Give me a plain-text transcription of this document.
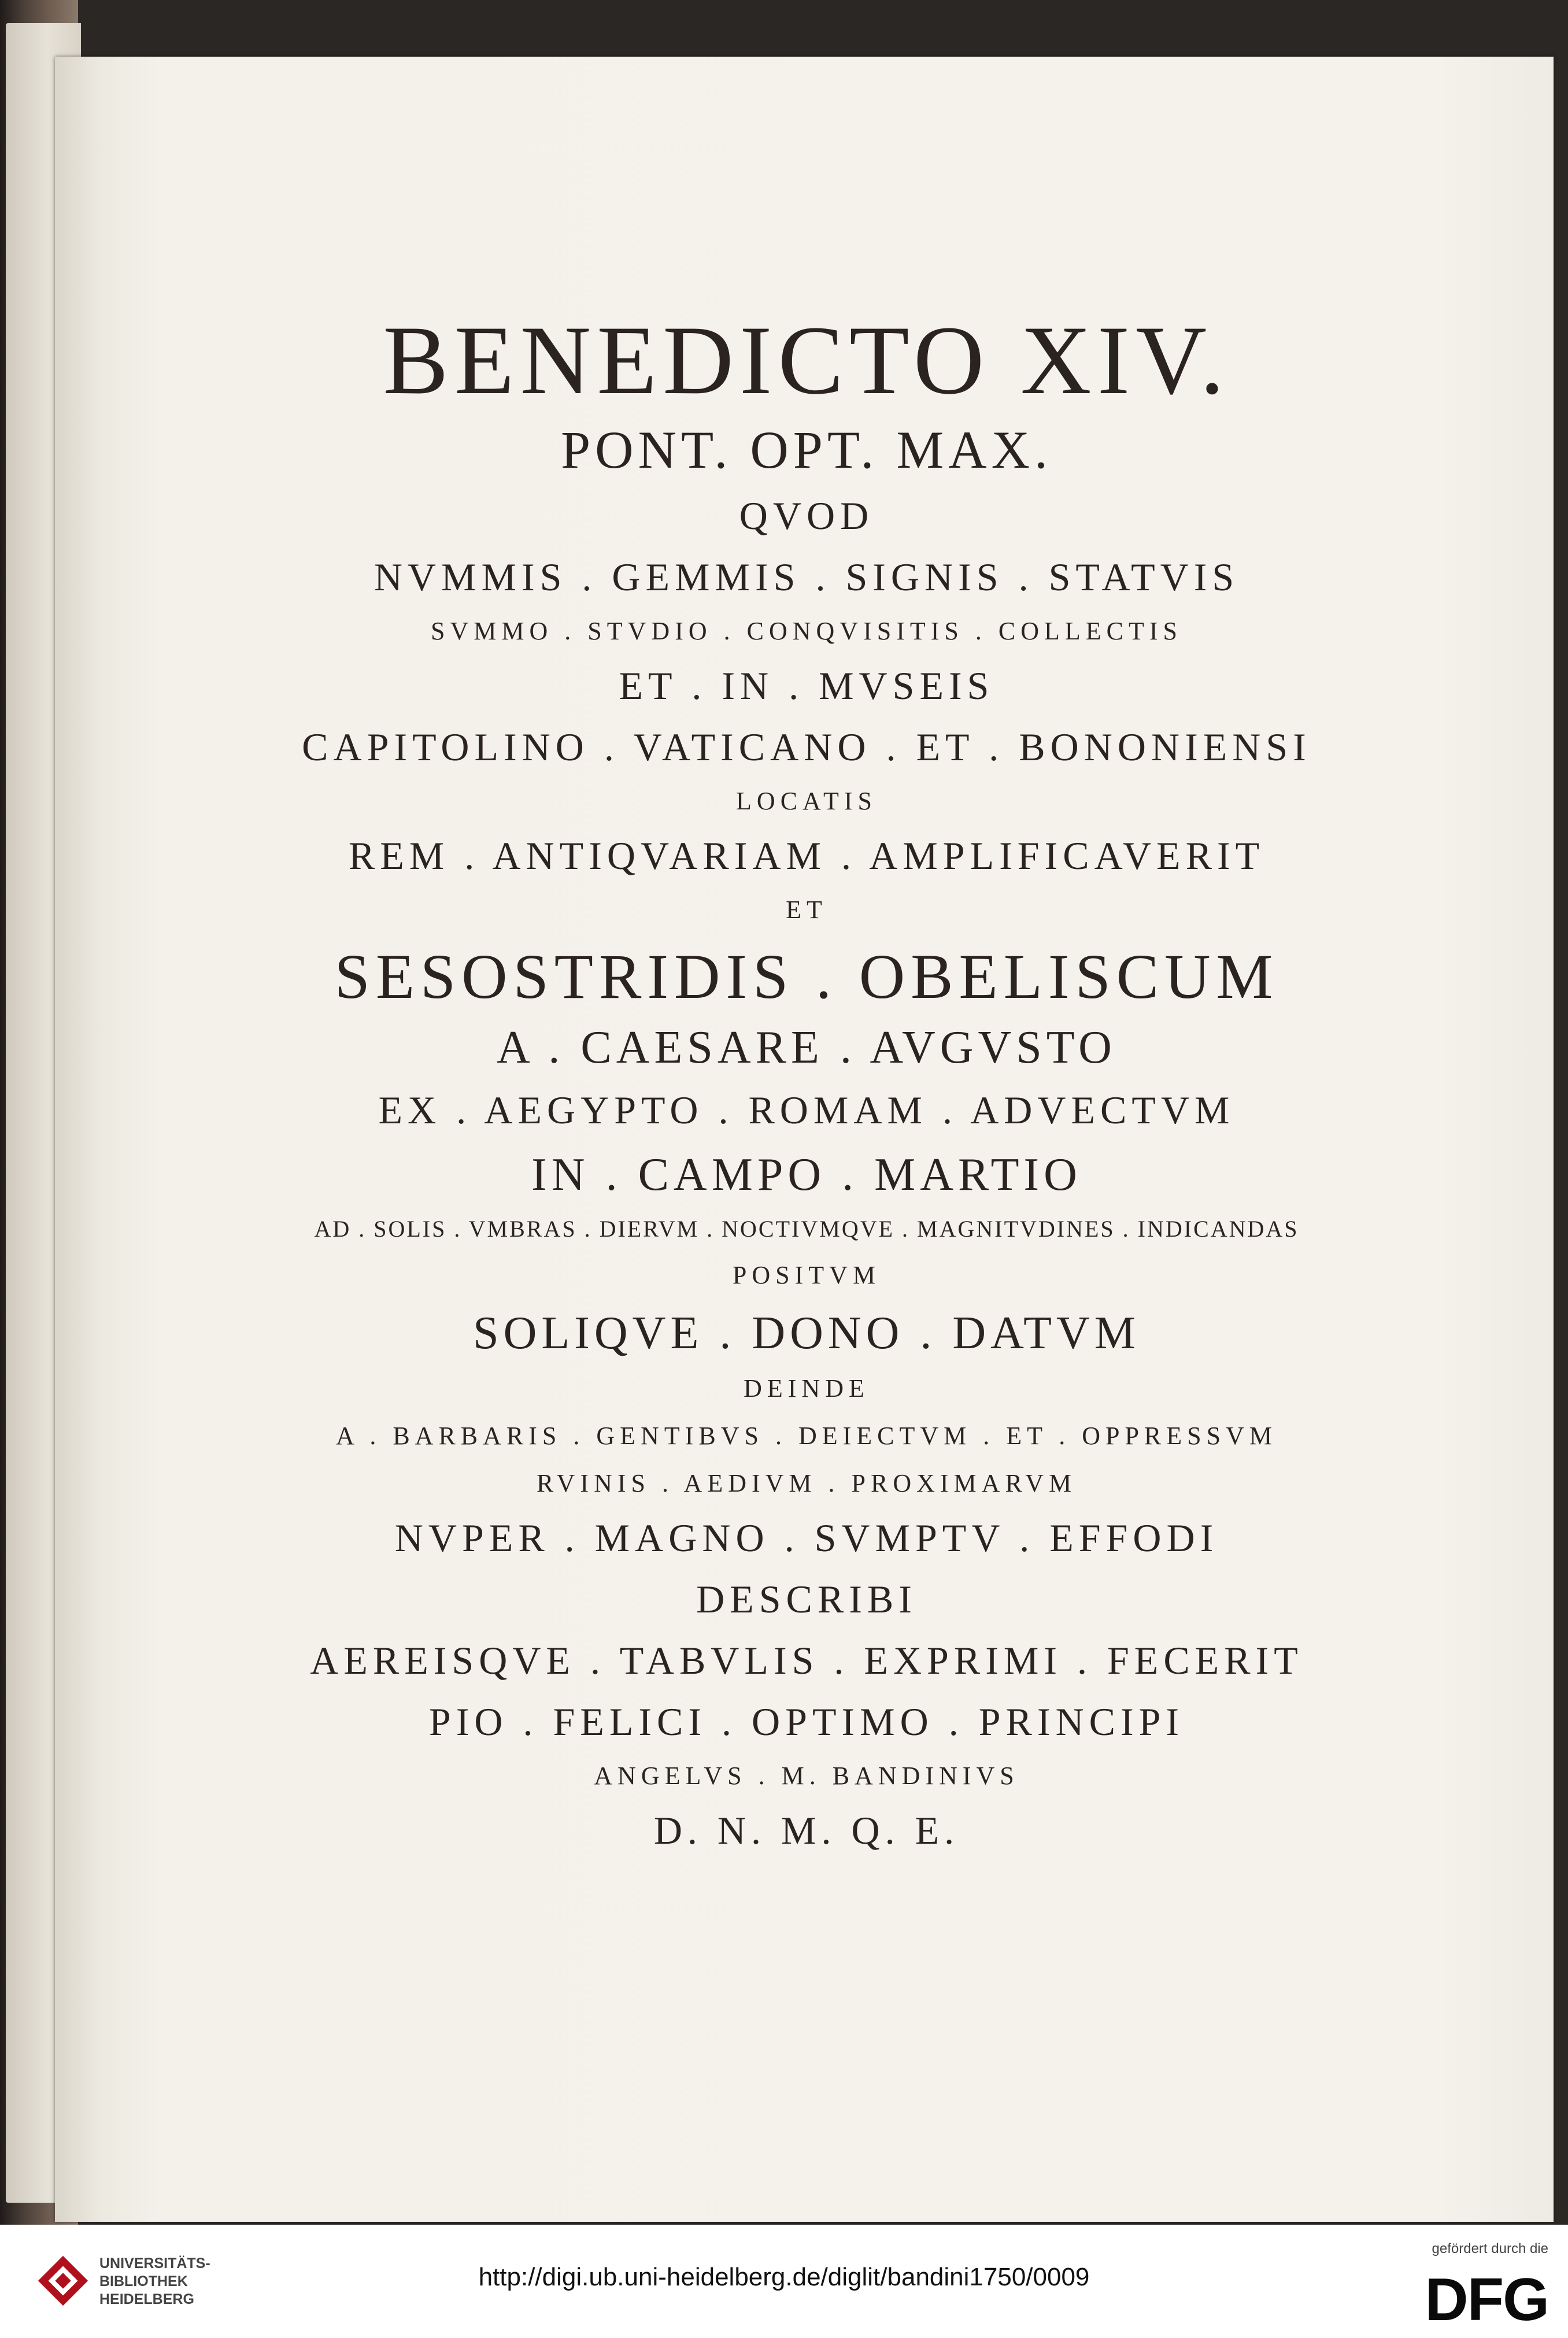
BENEDICTO XIV.
PONT. OPT. MAX.
QVOD
NVMMIS . GEMMIS . SIGNIS . STATVIS
SVMMO . STVDIO . CONQVISITIS . COLLECTIS
ET . IN . MVSEIS
CAPITOLINO . VATICANO . ET . BONONIENSI
LOCATIS
REM . ANTIQVARIAM . AMPLIFICAVERIT
ET
SESOSTRIDIS . OBELISCUM
A . CAESARE . AVGVSTO
EX . AEGYPTO . ROMAM . ADVECTVM
IN . CAMPO . MARTIO
AD . SOLIS . VMBRAS . DIERVM . NOCTIVMQVE . MAGNITVDINES . INDICANDAS
POSITVM
SOLIQVE . DONO . DATVM
DEINDE
A . BARBARIS . GENTIBVS . DEIECTVM . ET . OPPRESSVM
RVINIS . AEDIVM . PROXIMARVM
NVPER . MAGNO . SVMPTV . EFFODI
DESCRIBI
AEREISQVE . TABVLIS . EXPRIMI . FECERIT
PIO . FELICI . OPTIMO . PRINCIPI
ANGELVS . M. BANDINIVS
D. N. M. Q. E.
UNIVERSITÄTS-
BIBLIOTHEK
HEIDELBERG
http://digi.ub.uni-heidelberg.de/diglit/bandini1750/0009
gefördert durch die
DFG
